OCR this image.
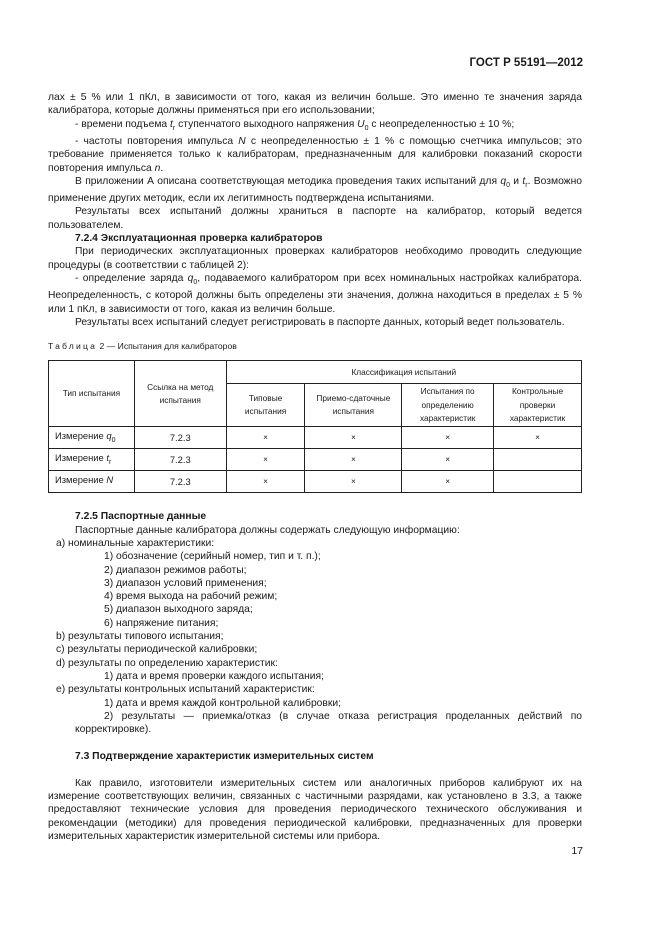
ГОСТ Р 55191—2012

лах ± 5 % или 1 пКл, в зависимости от того, какая из величин больше. Это именно те значения заряда калибратора, которые должны применяться при его использовании;

- времени подъема $t_r$ ступенчатого выходного напряжения $U_0$ с неопределенностью ± 10 %;

- частоты повторения импульса N с неопределенностью ± 1 % с помощью счетчика импульсов; это требование применяется только к калибраторам, предназначенным для калибровки показаний скорости повторения импульса n.

В приложении А описана соответствующая методика проведения таких испытаний для $q_0$ и $t_r$. Возможно применение других методик, если их легитимность подтверждена испытаниями.

Результаты всех испытаний должны храниться в паспорте на калибратор, который ведется пользователем.

7.2.4 Эксплуатационная проверка калибраторов

При периодических эксплуатационных проверках калибраторов необходимо проводить следующие процедуры (в соответствии с таблицей 2):

- определение заряда $q_0$, подаваемого калибратором при всех номинальных настройках калибратора. Неопределенность, с которой должны быть определены эти значения, должна находиться в пределах ± 5 % или 1 пКл, в зависимости от того, какая из величин больше.

Результаты всех испытаний следует регистрировать в паспорте данных, который ведет пользователь.

Таблица 2 — Испытания для калибраторов

Тип испытания	Ссылка на метод испытания	Классификация испытаний			
		Типовые испытания	Приемо-сдаточные испытания	Испытания по определению характеристик	Контрольные проверки характеристик
Измерение $q_0$	7.2.3	×	×	×	×
Измерение $t_r$	7.2.3	×	×	×	
Измерение N	7.2.3	×	×	×	

7.2.5 Паспортные данные

Паспортные данные калибратора должны содержать следующую информацию:

a) номинальные характеристики:

1) обозначение (серийный номер, тип и т. п.);

2) диапазон режимов работы;

3) диапазон условий применения;

4) время выхода на рабочий режим;

5) диапазон выходного заряда;

6) напряжение питания;

b) результаты типового испытания;

c) результаты периодической калибровки;

d) результаты по определению характеристик:

1) дата и время проверки каждого испытания;

e) результаты контрольных испытаний характеристик:

1) дата и время каждой контрольной калибровки;

2) результаты — приемка/отказ (в случае отказа регистрация проделанных действий по корректировке).

7.3 Подтверждение характеристик измерительных систем

Как правило, изготовители измерительных систем или аналогичных приборов калибруют их на измерение соответствующих величин, связанных с частичными разрядами, как установлено в 3.3, а также предоставляют технические условия для проведения периодического технического обслуживания и рекомендации (методики) для проведения периодической калибровки, предназначенных для проверки измерительных характеристик измерительной системы или прибора.

17
